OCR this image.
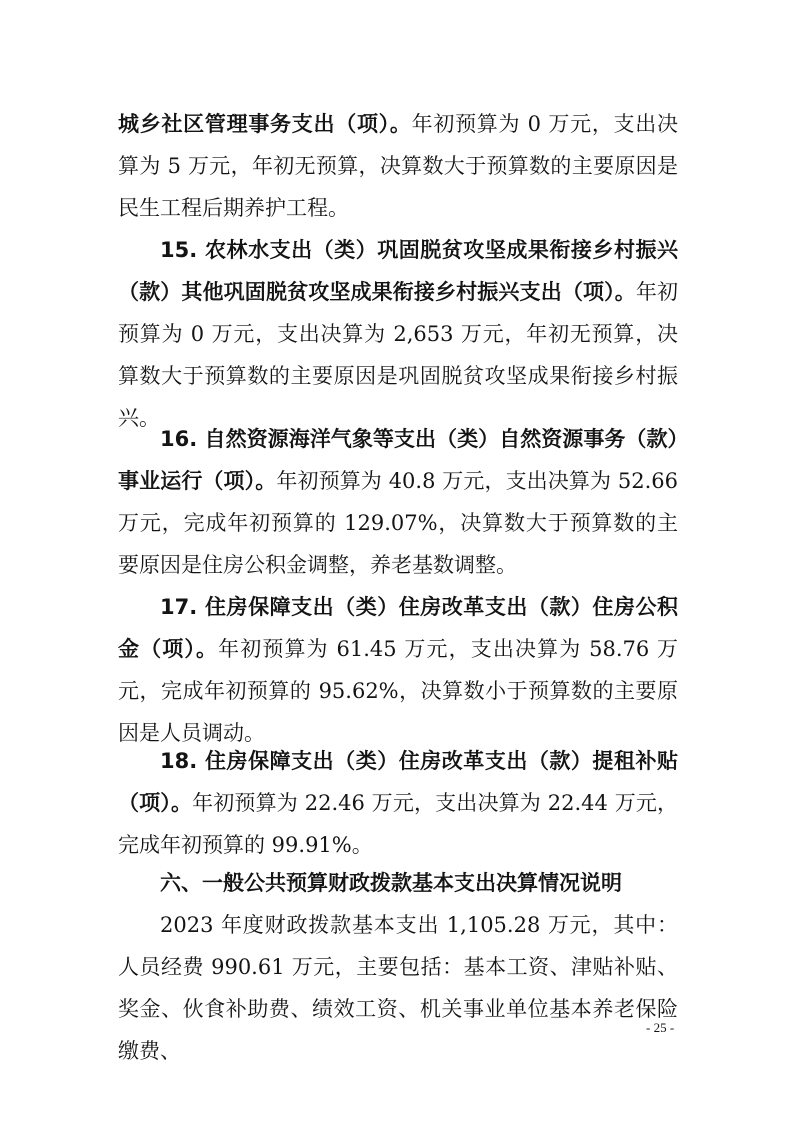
城乡社区管理事务支出（项）。年初预算为 0 万元，支出决算为 5 万元，年初无预算，决算数大于预算数的主要原因是民生工程后期养护工程。

15. 农林水支出（类）巩固脱贫攻坚成果衔接乡村振兴（款）其他巩固脱贫攻坚成果衔接乡村振兴支出（项）。年初预算为 0 万元，支出决算为 2,653 万元，年初无预算，决算数大于预算数的主要原因是巩固脱贫攻坚成果衔接乡村振兴。

16. 自然资源海洋气象等支出（类）自然资源事务（款）事业运行（项）。年初预算为 40.8 万元，支出决算为 52.66 万元，完成年初预算的 129.07%，决算数大于预算数的主要原因是住房公积金调整，养老基数调整。

17. 住房保障支出（类）住房改革支出（款）住房公积金（项）。年初预算为 61.45 万元，支出决算为 58.76 万元，完成年初预算的 95.62%，决算数小于预算数的主要原因是人员调动。

18. 住房保障支出（类）住房改革支出（款）提租补贴（项）。年初预算为 22.46 万元，支出决算为 22.44 万元，完成年初预算的 99.91%。

六、一般公共预算财政拨款基本支出决算情况说明

2023 年度财政拨款基本支出 1,105.28 万元，其中：人员经费 990.61 万元，主要包括：基本工资、津贴补贴、奖金、伙食补助费、绩效工资、机关事业单位基本养老保险缴费、

- 25 -
